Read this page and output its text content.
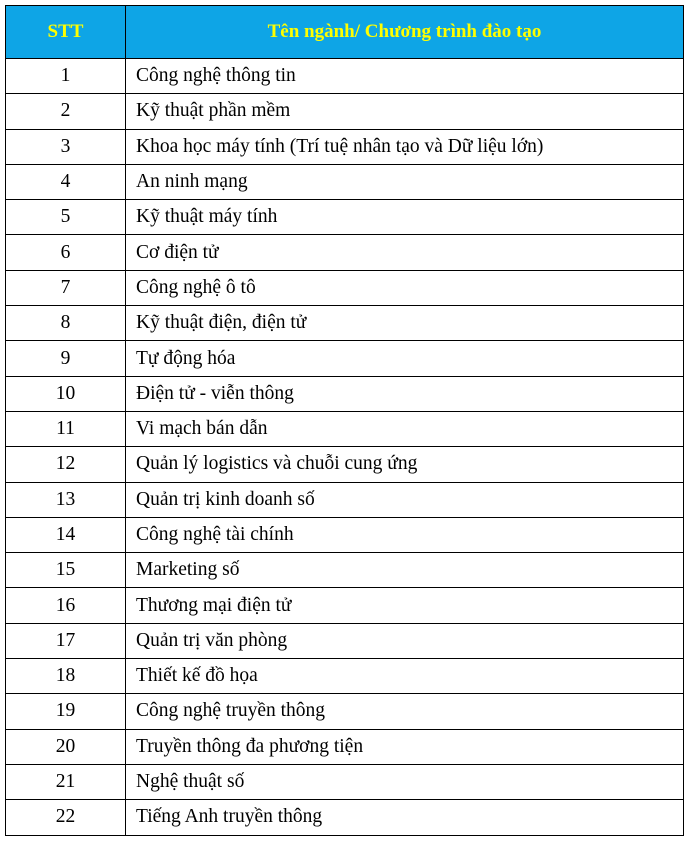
STT	Tên ngành/ Chương trình đào tạo
1	Công nghệ thông tin
2	Kỹ thuật phần mềm
3	Khoa học máy tính (Trí tuệ nhân tạo và Dữ liệu lớn)
4	An ninh mạng
5	Kỹ thuật máy tính
6	Cơ điện tử
7	Công nghệ ô tô
8	Kỹ thuật điện, điện tử
9	Tự động hóa
10	Điện tử - viễn thông
11	Vi mạch bán dẫn
12	Quản lý logistics và chuỗi cung ứng
13	Quản trị kinh doanh số
14	Công nghệ tài chính
15	Marketing số
16	Thương mại điện tử
17	Quản trị văn phòng
18	Thiết kế đồ họa
19	Công nghệ truyền thông
20	Truyền thông đa phương tiện
21	Nghệ thuật số
22	Tiếng Anh truyền thông
